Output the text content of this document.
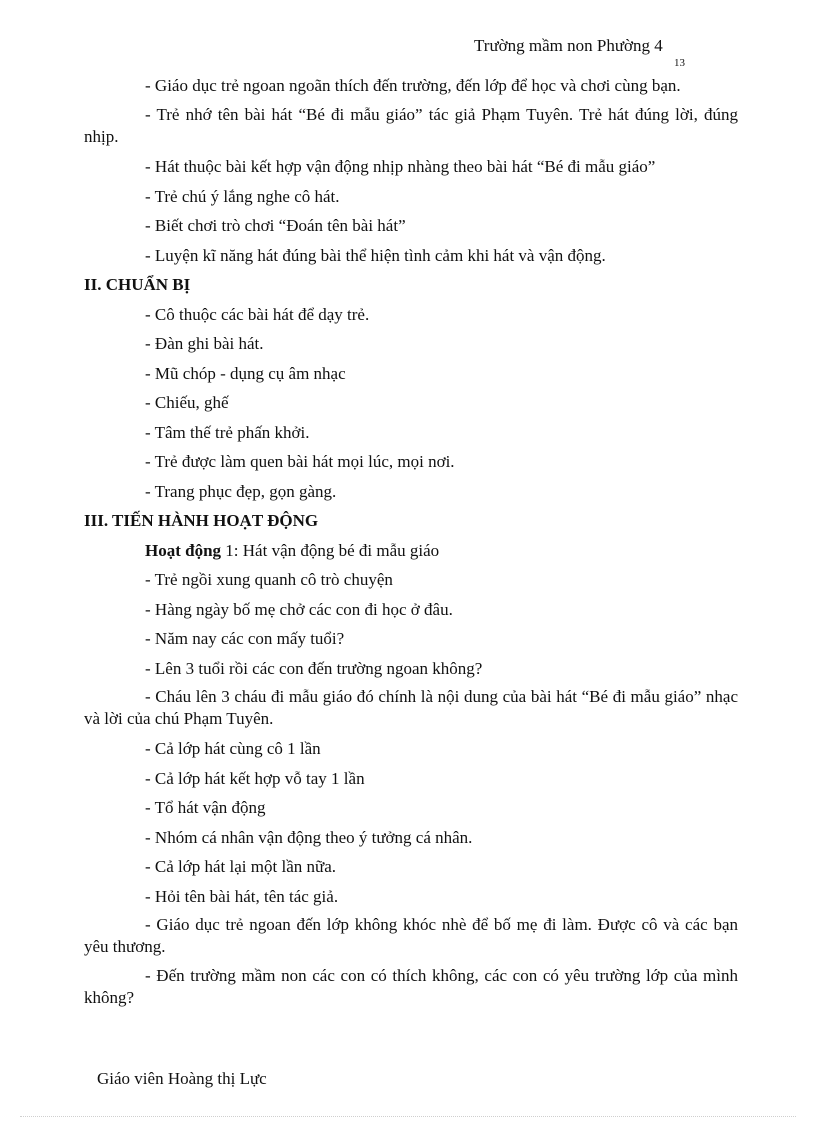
Trường mầm non Phường 4
13

- Giáo dục trẻ ngoan ngoãn thích đến trường, đến lớp để học và chơi cùng bạn.

- Trẻ nhớ tên bài hát “Bé đi mẫu giáo” tác giả Phạm Tuyên. Trẻ hát đúng lời, đúng nhịp.

- Hát thuộc bài kết hợp vận động nhịp nhàng theo bài hát “Bé đi mẫu giáo”

- Trẻ chú ý lắng nghe cô hát.

- Biết chơi trò chơi “Đoán tên bài hát”

- Luyện kĩ năng hát đúng bài thể hiện tình cảm khi hát và vận động.

II. CHUẨN BỊ

- Cô thuộc các bài hát để dạy trẻ.

- Đàn ghi bài hát.

- Mũ chóp - dụng cụ âm nhạc

- Chiếu, ghế

- Tâm thế trẻ phấn khởi.

- Trẻ được làm quen bài hát mọi lúc, mọi nơi.

- Trang phục đẹp, gọn gàng.

III. TIẾN HÀNH HOẠT ĐỘNG

Hoạt động 1: Hát vận động bé đi mẫu giáo

- Trẻ ngồi xung quanh cô trò chuyện

- Hàng ngày bố mẹ chở các con đi học ở đâu.

- Năm nay các con mấy tuổi?

- Lên 3 tuổi rồi các con đến trường ngoan không?

- Cháu lên 3 cháu đi mẫu giáo đó chính là nội dung của bài hát “Bé đi mẫu giáo” nhạc và lời của chú Phạm Tuyên.

- Cả lớp hát cùng cô 1 lần

- Cả lớp hát kết hợp vỗ tay 1 lần

- Tổ hát vận động

- Nhóm cá nhân vận động theo ý tưởng cá nhân.

- Cả lớp hát lại một lần nữa.

- Hỏi tên bài hát, tên tác giả.

- Giáo dục trẻ ngoan đến lớp không khóc nhè để bố mẹ đi làm. Được cô và các bạn yêu thương.

- Đến trường mầm non các con có thích không, các con có yêu trường lớp của mình không?

Giáo viên Hoàng thị Lực
